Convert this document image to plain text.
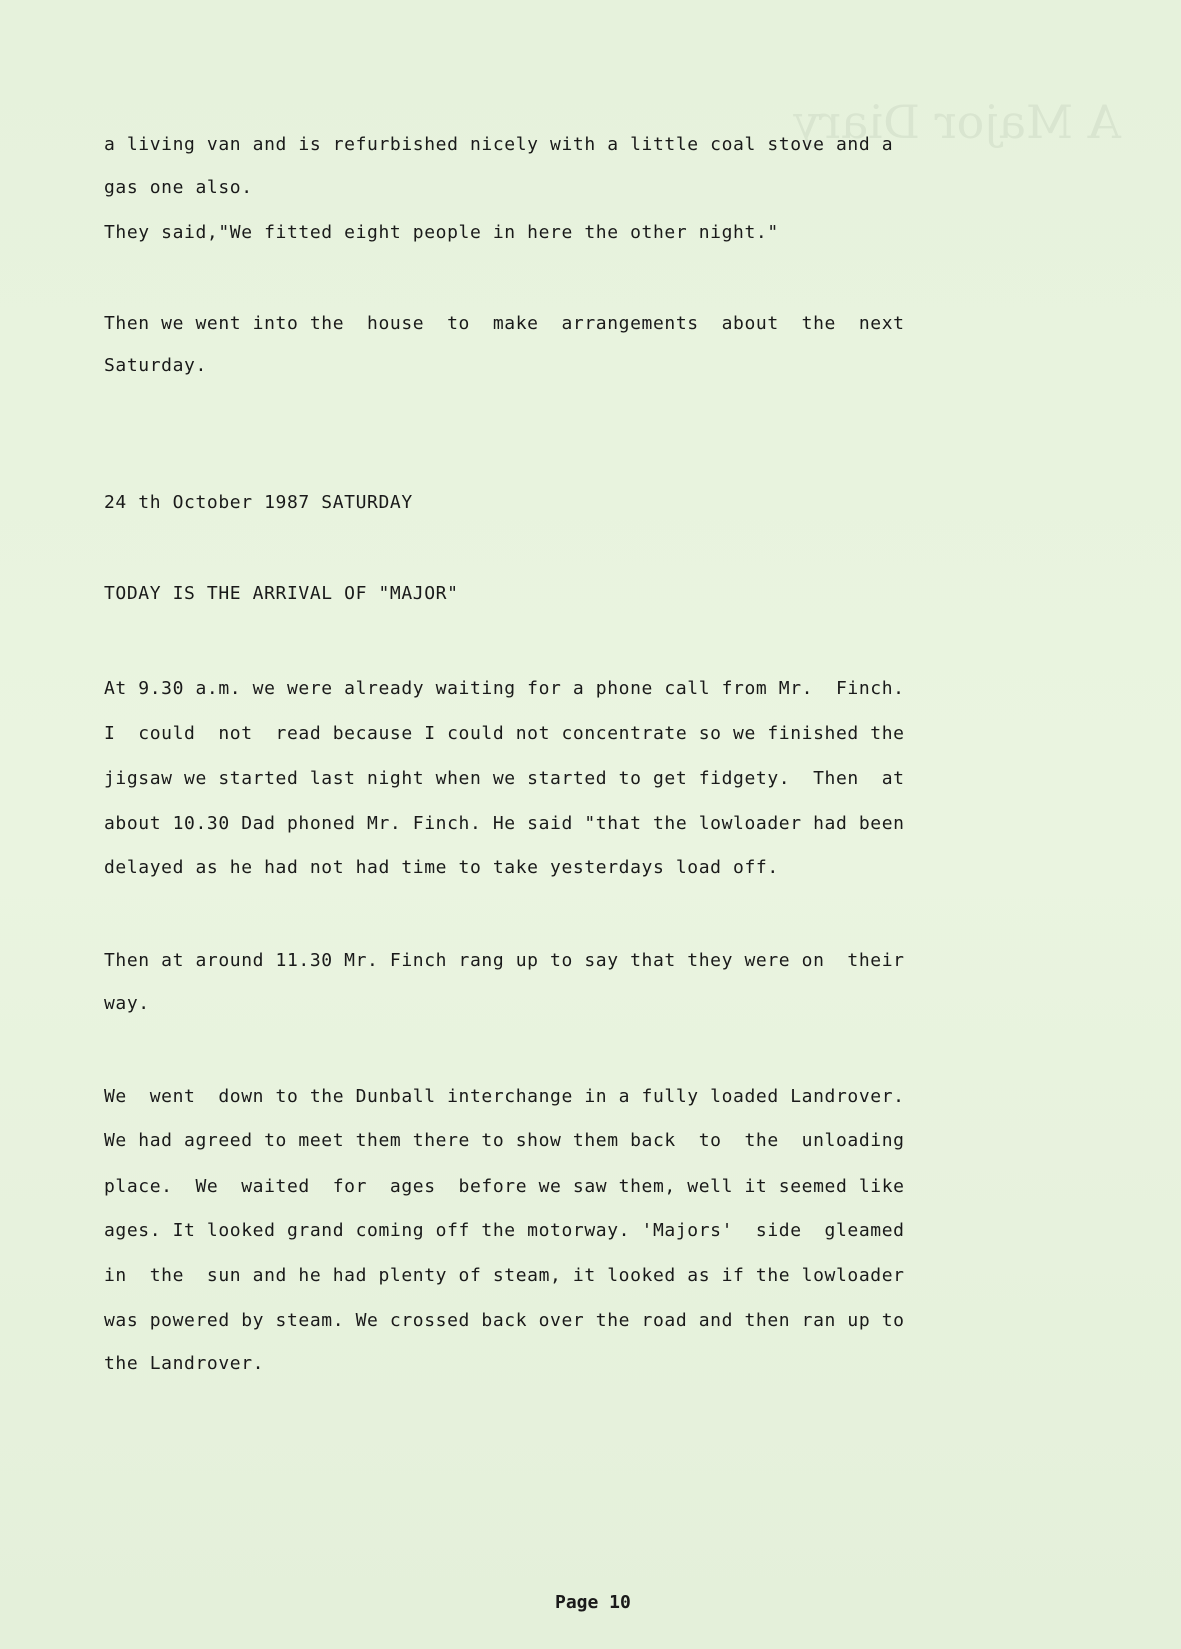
A Major Diary
a living van and is refurbished nicely with a little coal stove and a
gas one also.
They said,"We fitted eight people in here the other night."
Then we went into the  house  to  make  arrangements  about  the  next
Saturday.
24 th October 1987 SATURDAY
TODAY IS THE ARRIVAL OF "MAJOR"
At 9.30 a.m. we were already waiting for a phone call from Mr.  Finch.
I  could  not  read because I could not concentrate so we finished the
jigsaw we started last night when we started to get fidgety.  Then  at
about 10.30 Dad phoned Mr. Finch. He said "that the lowloader had been
delayed as he had not had time to take yesterdays load off.
Then at around 11.30 Mr. Finch rang up to say that they were on  their
way.
We  went  down to the Dunball interchange in a fully loaded Landrover.
We had agreed to meet them there to show them back  to  the  unloading
place.  We  waited  for  ages  before we saw them, well it seemed like
ages. It looked grand coming off the motorway. 'Majors'  side  gleamed
in  the  sun and he had plenty of steam, it looked as if the lowloader
was powered by steam. We crossed back over the road and then ran up to
the Landrover.
Page 10
